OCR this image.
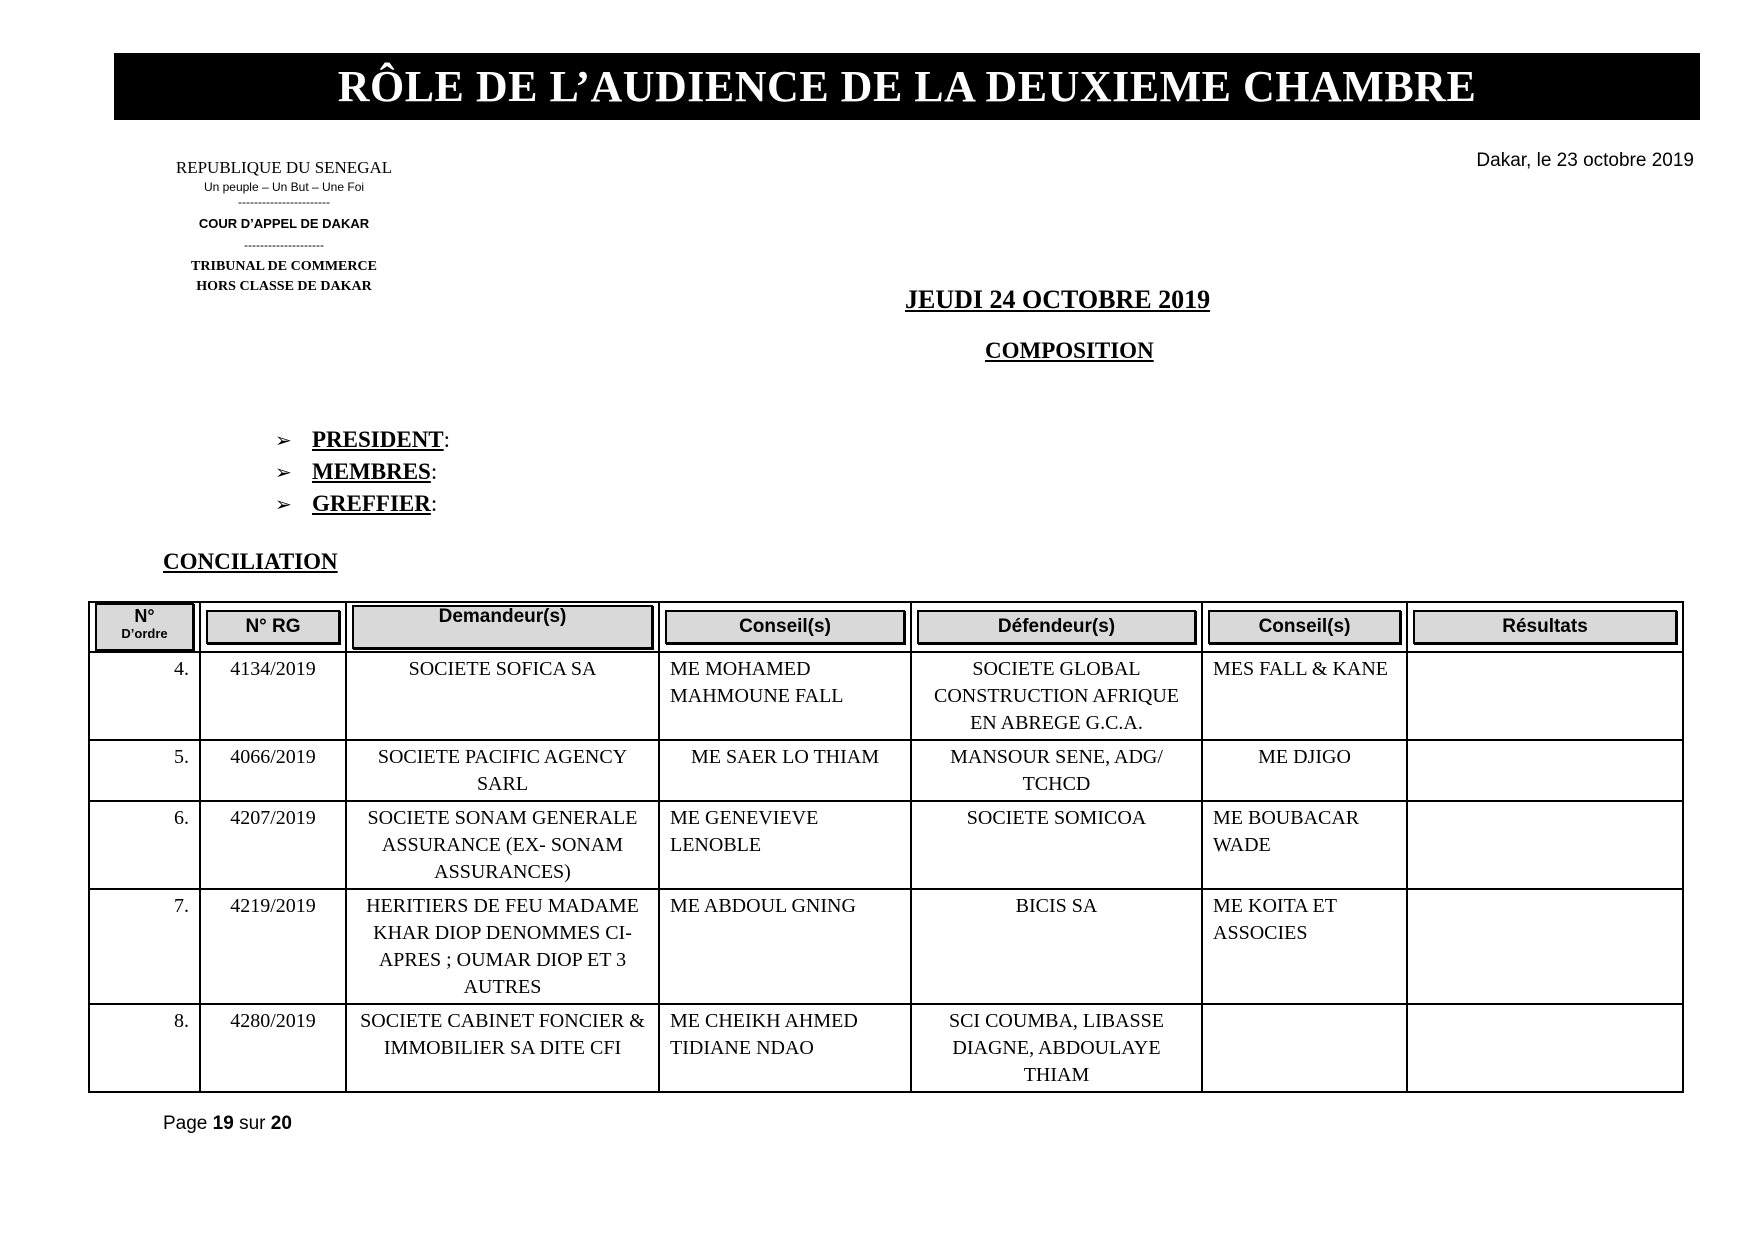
RÔLE DE L’AUDIENCE DE LA DEUXIEME CHAMBRE
REPUBLIQUE DU SENEGAL
Un peuple – Un But – Une Foi
-----------------------
COUR D’APPEL DE DAKAR
--------------------
TRIBUNAL DE COMMERCE
HORS CLASSE DE DAKAR
Dakar, le 23 octobre 2019
JEUDI 24 OCTOBRE 2019
COMPOSITION
➢ PRESIDENT :
➢ MEMBRES :
➢ GREFFIER :
CONCILIATION
N°
D’ordre	N° RG	Demandeur(s)	Conseil(s)	Défendeur(s)	Conseil(s)	Résultats

4.	4134/2019	SOCIETE SOFICA SA	ME MOHAMED MAHMOUNE FALL	SOCIETE GLOBAL CONSTRUCTION AFRIQUE EN ABREGE G.C.A.	MES FALL & KANE	
5.	4066/2019	SOCIETE PACIFIC AGENCY SARL	ME SAER LO THIAM	MANSOUR SENE, ADG/ TCHCD	ME DJIGO	
6.	4207/2019	SOCIETE SONAM GENERALE ASSURANCE (EX- SONAM ASSURANCES)	ME GENEVIEVE LENOBLE	SOCIETE SOMICOA	ME BOUBACAR WADE	
7.	4219/2019	HERITIERS DE FEU MADAME KHAR DIOP DENOMMES CI-APRES ; OUMAR DIOP ET 3 AUTRES	ME ABDOUL GNING	BICIS SA	ME KOITA ET ASSOCIES	
8.	4280/2019	SOCIETE CABINET FONCIER & IMMOBILIER SA DITE CFI	ME CHEIKH AHMED TIDIANE NDAO	SCI COUMBA, LIBASSE DIAGNE, ABDOULAYE THIAM		
Page 19 sur 20
